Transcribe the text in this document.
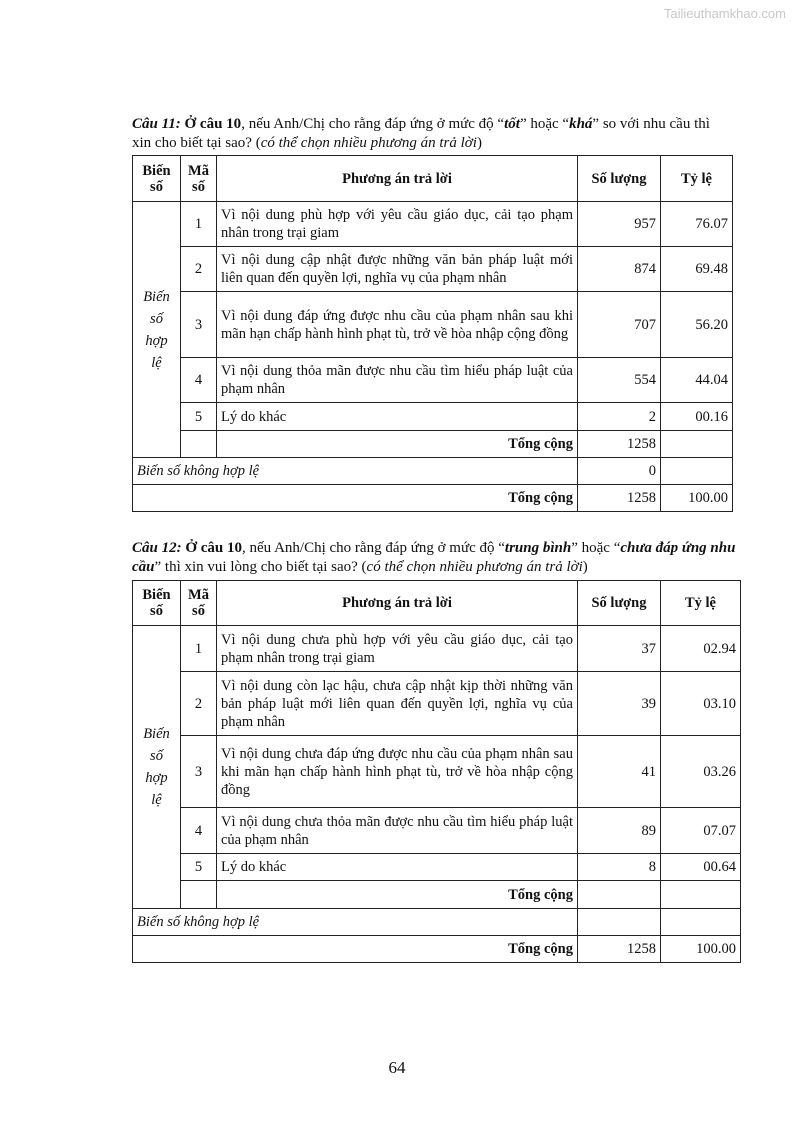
Tailieuthamkhao.com
Câu 11: Ở câu 10, nếu Anh/Chị cho rằng đáp ứng ở mức độ “tốt” hoặc “khá” so với nhu cầu thì xin cho biết tại sao? (có thể chọn nhiều phương án trả lời)
Biến số	Mã số	Phương án trả lời	Số lượng	Tỷ lệ
Biến số hợp lệ	1	Vì nội dung phù hợp với yêu cầu giáo dục, cải tạo phạm nhân trong trại giam	957	76.07
	2	Vì nội dung cập nhật được những văn bản pháp luật mới liên quan đến quyền lợi, nghĩa vụ của phạm nhân	874	69.48
	3	Vì nội dung đáp ứng được nhu cầu của phạm nhân sau khi mãn hạn chấp hành hình phạt tù, trở về hòa nhập cộng đồng	707	56.20
	4	Vì nội dung thỏa mãn được nhu cầu tìm hiểu pháp luật của phạm nhân	554	44.04
	5	Lý do khác	2	00.16
		Tổng cộng	1258	
Biến số không hợp lệ			0	
Tổng cộng			1258	100.00
Câu 12: Ở câu 10, nếu Anh/Chị cho rằng đáp ứng ở mức độ “trung bình” hoặc “chưa đáp ứng nhu cầu” thì xin vui lòng cho biết tại sao? (có thể chọn nhiều phương án trả lời)
Biến số	Mã số	Phương án trả lời	Số lượng	Tỷ lệ
Biến số hợp lệ	1	Vì nội dung chưa phù hợp với yêu cầu giáo dục, cải tạo phạm nhân trong trại giam	37	02.94
	2	Vì nội dung còn lạc hậu, chưa cập nhật kịp thời những văn bản pháp luật mới liên quan đến quyền lợi, nghĩa vụ của phạm nhân	39	03.10
	3	Vì nội dung chưa đáp ứng được nhu cầu của phạm nhân sau khi mãn hạn chấp hành hình phạt tù, trở về hòa nhập cộng đồng	41	03.26
	4	Vì nội dung chưa thỏa mãn được nhu cầu tìm hiểu pháp luật của phạm nhân	89	07.07
	5	Lý do khác	8	00.64
		Tổng cộng		
Biến số không hợp lệ				
Tổng cộng			1258	100.00
64
